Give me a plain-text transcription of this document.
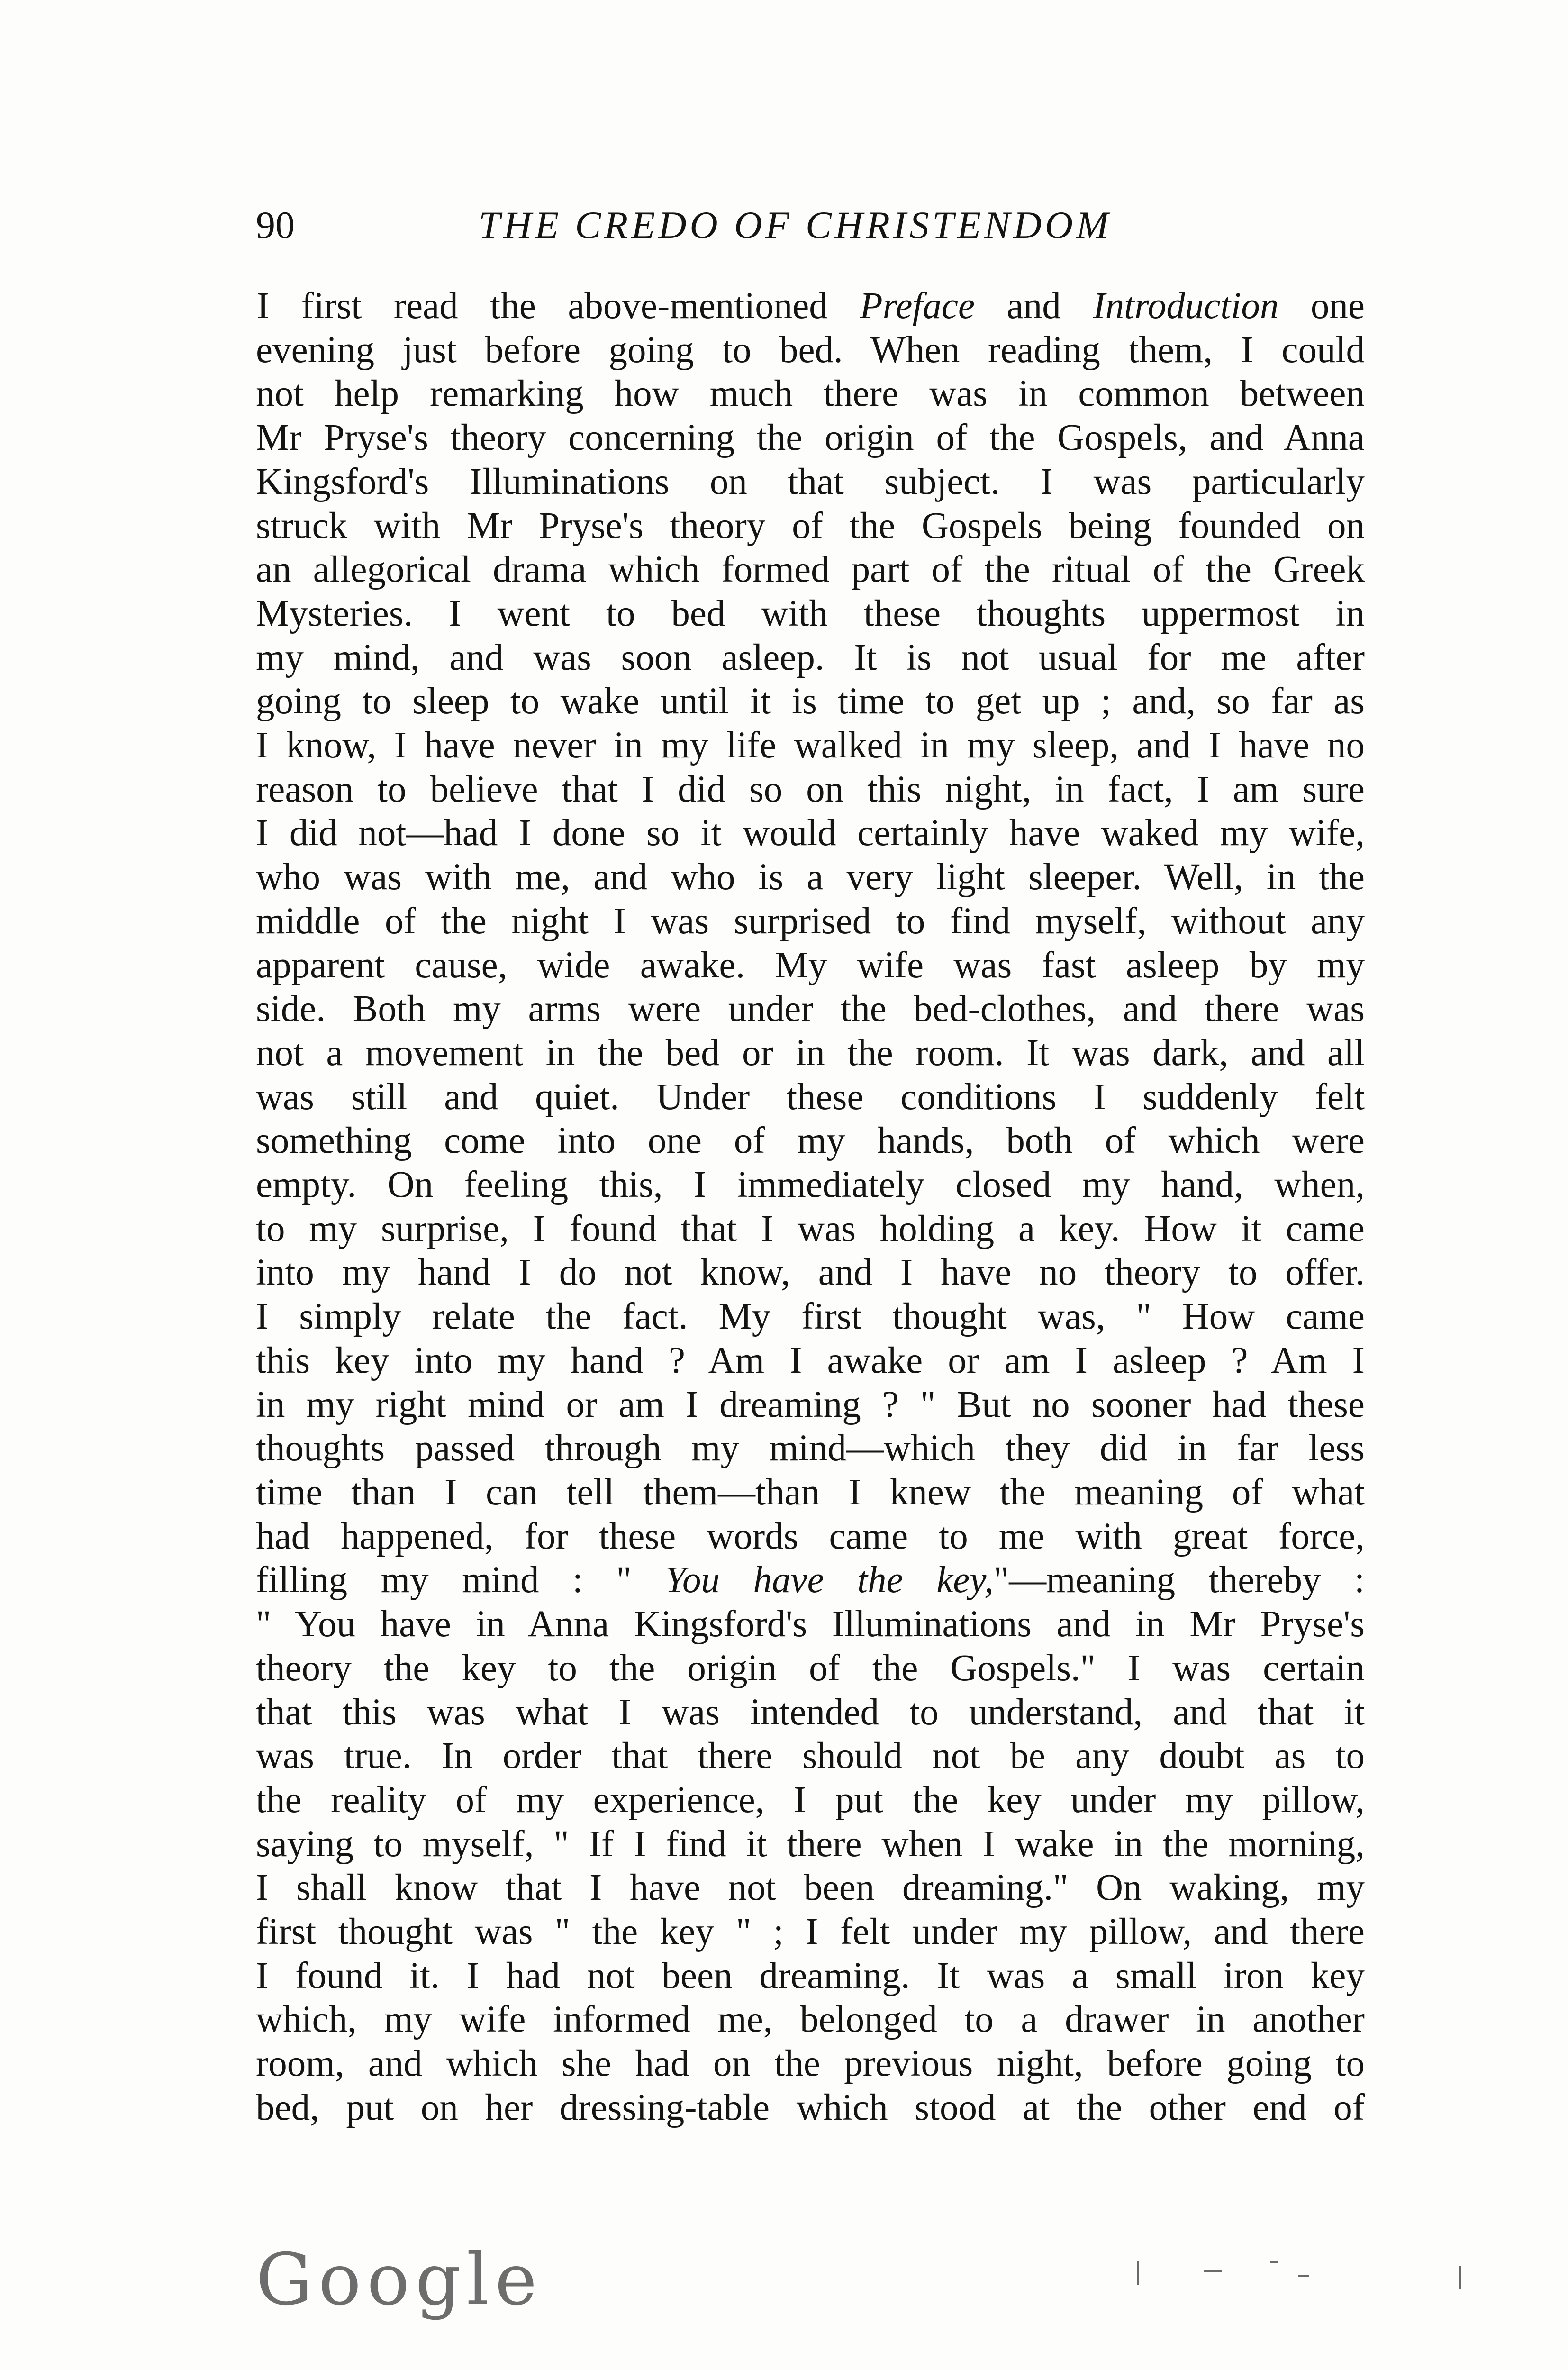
90	THE CREDO OF CHRISTENDOM
I first read the above-mentioned Preface and Introduction one
evening just before going to bed. When reading them, I could
not help remarking how much there was in common between
Mr Pryse's theory concerning the origin of the Gospels, and Anna
Kingsford's Illuminations on that subject. I was particularly
struck with Mr Pryse's theory of the Gospels being founded on
an allegorical drama which formed part of the ritual of the Greek
Mysteries. I went to bed with these thoughts uppermost in
my mind, and was soon asleep. It is not usual for me after
going to sleep to wake until it is time to get up ; and, so far as
I know, I have never in my life walked in my sleep, and I have no
reason to believe that I did so on this night, in fact, I am sure
I did not—had I done so it would certainly have waked my wife,
who was with me, and who is a very light sleeper. Well, in the
middle of the night I was surprised to find myself, without any
apparent cause, wide awake. My wife was fast asleep by my
side. Both my arms were under the bed-clothes, and there was
not a movement in the bed or in the room. It was dark, and all
was still and quiet. Under these conditions I suddenly felt
something come into one of my hands, both of which were
empty. On feeling this, I immediately closed my hand, when,
to my surprise, I found that I was holding a key. How it came
into my hand I do not know, and I have no theory to offer.
I simply relate the fact. My first thought was, " How came
this key into my hand ? Am I awake or am I asleep ? Am I
in my right mind or am I dreaming ? " But no sooner had these
thoughts passed through my mind—which they did in far less
time than I can tell them—than I knew the meaning of what
had happened, for these words came to me with great force,
filling my mind : " You have the key,"—meaning thereby :
" You have in Anna Kingsford's Illuminations and in Mr Pryse's
theory the key to the origin of the Gospels." I was certain
that this was what I was intended to understand, and that it
was true. In order that there should not be any doubt as to
the reality of my experience, I put the key under my pillow,
saying to myself, " If I find it there when I wake in the morning,
I shall know that I have not been dreaming." On waking, my
first thought was " the key " ; I felt under my pillow, and there
I found it. I had not been dreaming. It was a small iron key
which, my wife informed me, belonged to a drawer in another
room, and which she had on the previous night, before going to
bed, put on her dressing-table which stood at the other end of
Google
